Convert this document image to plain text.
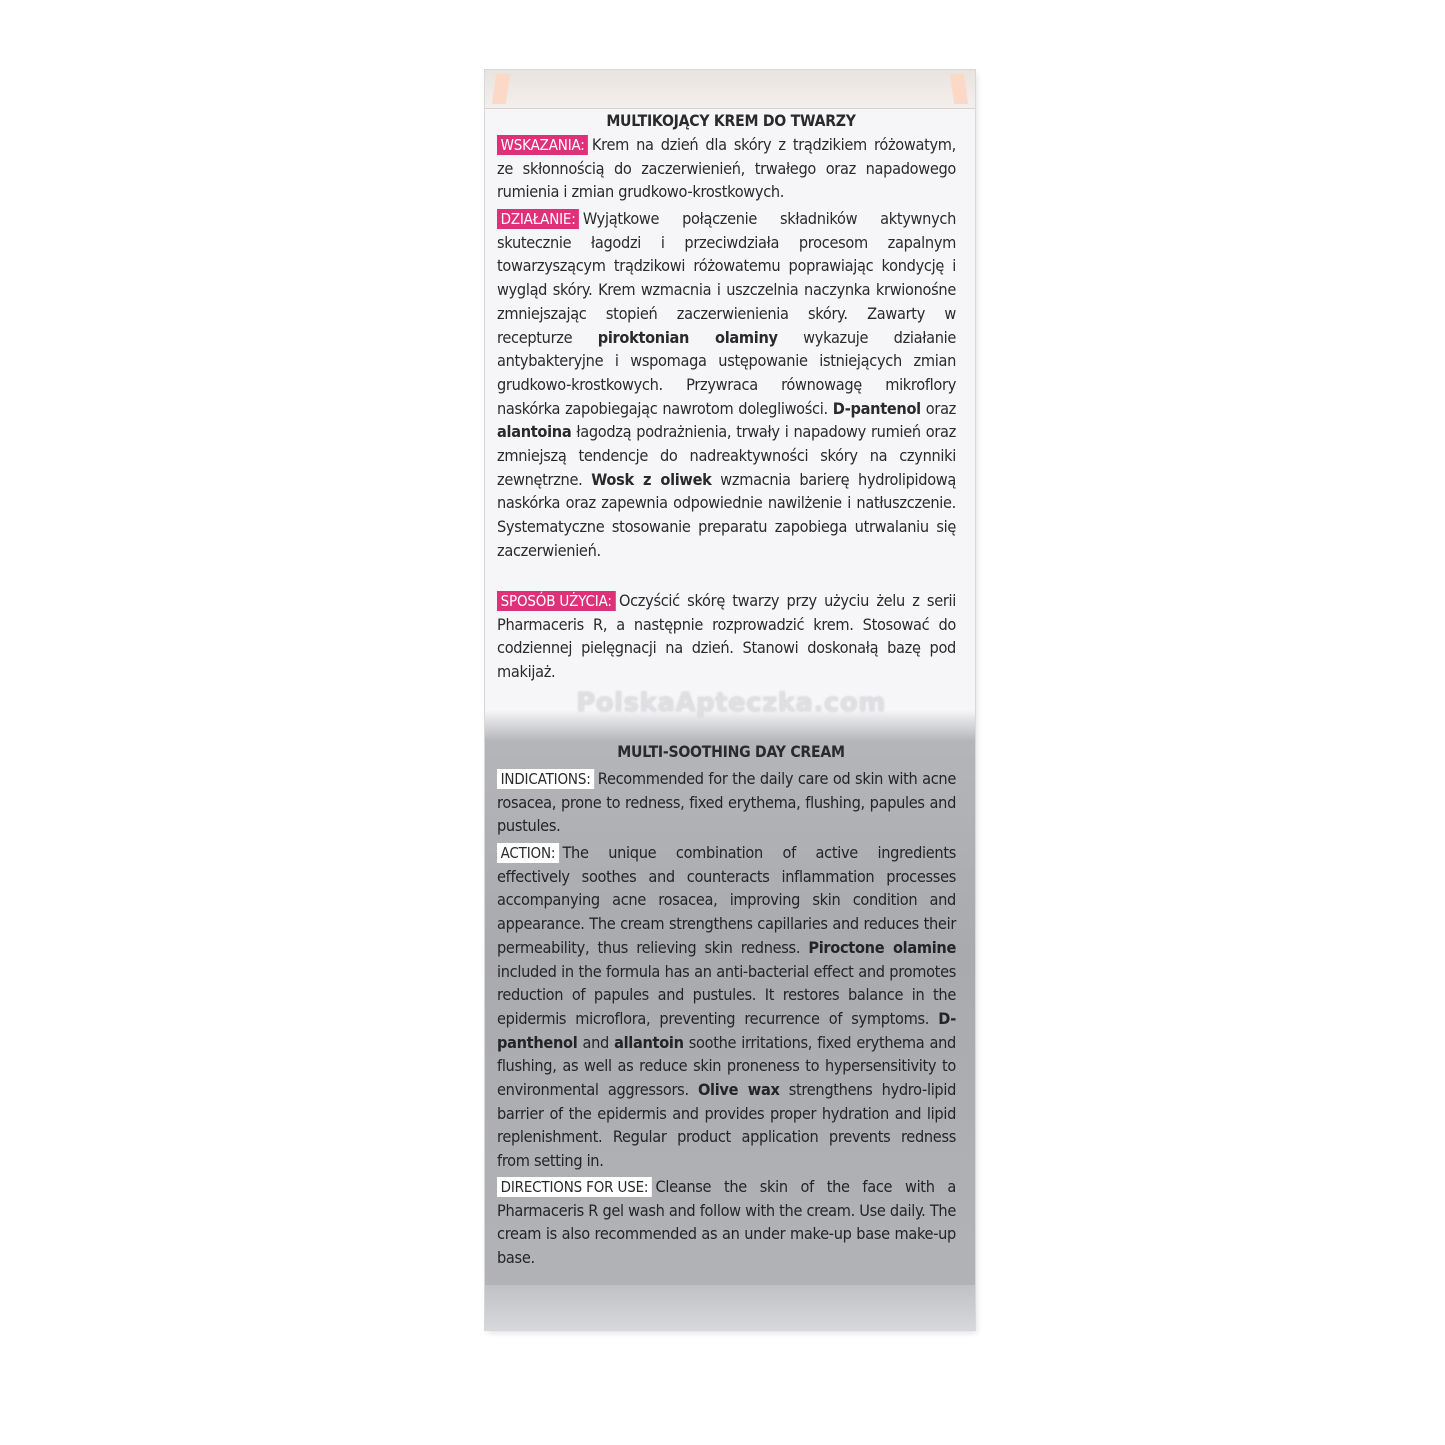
MULTIKOJĄCY KREM DO TWARZY
WSKAZANIA: Krem na dzień dla skóry z trądzikiem różowatym, ze skłonnością do zaczerwienień, trwałego oraz napadowego rumienia i zmian grudkowo-krostkowych.
DZIAŁANIE: Wyjątkowe połączenie składników aktywnych skutecznie łagodzi i przeciwdziała procesom zapalnym towarzyszącym trądzikowi różowatemu poprawiając kondycję i wygląd skóry. Krem wzmacnia i uszczelnia naczynka krwionośne zmniejszając stopień zaczerwienienia skóry. Zawarty w recepturze piroktonian olaminy wykazuje działanie antybakteryjne i wspomaga ustępowanie istniejących zmian grudkowo-krostkowych. Przywraca równowagę mikroflory naskórka zapobiegając nawrotom dolegliwości. D-pantenol oraz alantoina łagodzą podrażnienia, trwały i napadowy rumień oraz zmniejszą tendencje do nadreaktywności skóry na czynniki zewnętrzne. Wosk z oliwek wzmacnia barierę hydrolipidową naskórka oraz zapewnia odpowiednie nawilżenie i natłuszczenie. Systematyczne stosowanie preparatu zapobiega utrwalaniu się zaczerwienień.
SPOSÓB UŻYCIA: Oczyścić skórę twarzy przy użyciu żelu z serii Pharmaceris R, a następnie rozprowadzić krem. Stosować do codziennej pielęgnacji na dzień. Stanowi doskonałą bazę pod makijaż.
PolskaApteczka.com
MULTI-SOOTHING DAY CREAM
INDICATIONS: Recommended for the daily care od skin with acne rosacea, prone to redness, fixed erythema, flushing, papules and pustules.
ACTION: The unique combination of active ingredients effectively soothes and counteracts inflammation processes accompanying acne rosacea, improving skin condition and appearance. The cream strengthens capillaries and reduces their permeability, thus relieving skin redness. Piroctone olamine included in the formula has an anti-bacterial effect and promotes reduction of papules and pustules. It restores balance in the epidermis microflora, preventing recurrence of symptoms. D-panthenol and allantoin soothe irritations, fixed erythema and flushing, as well as reduce skin proneness to hypersensitivity to environmental aggressors. Olive wax strengthens hydro-lipid barrier of the epidermis and provides proper hydration and lipid replenishment. Regular product application prevents redness from setting in.
DIRECTIONS FOR USE: Cleanse the skin of the face with a Pharmaceris R gel wash and follow with the cream. Use daily. The cream is also recommended as an under make-up base make-up base.
